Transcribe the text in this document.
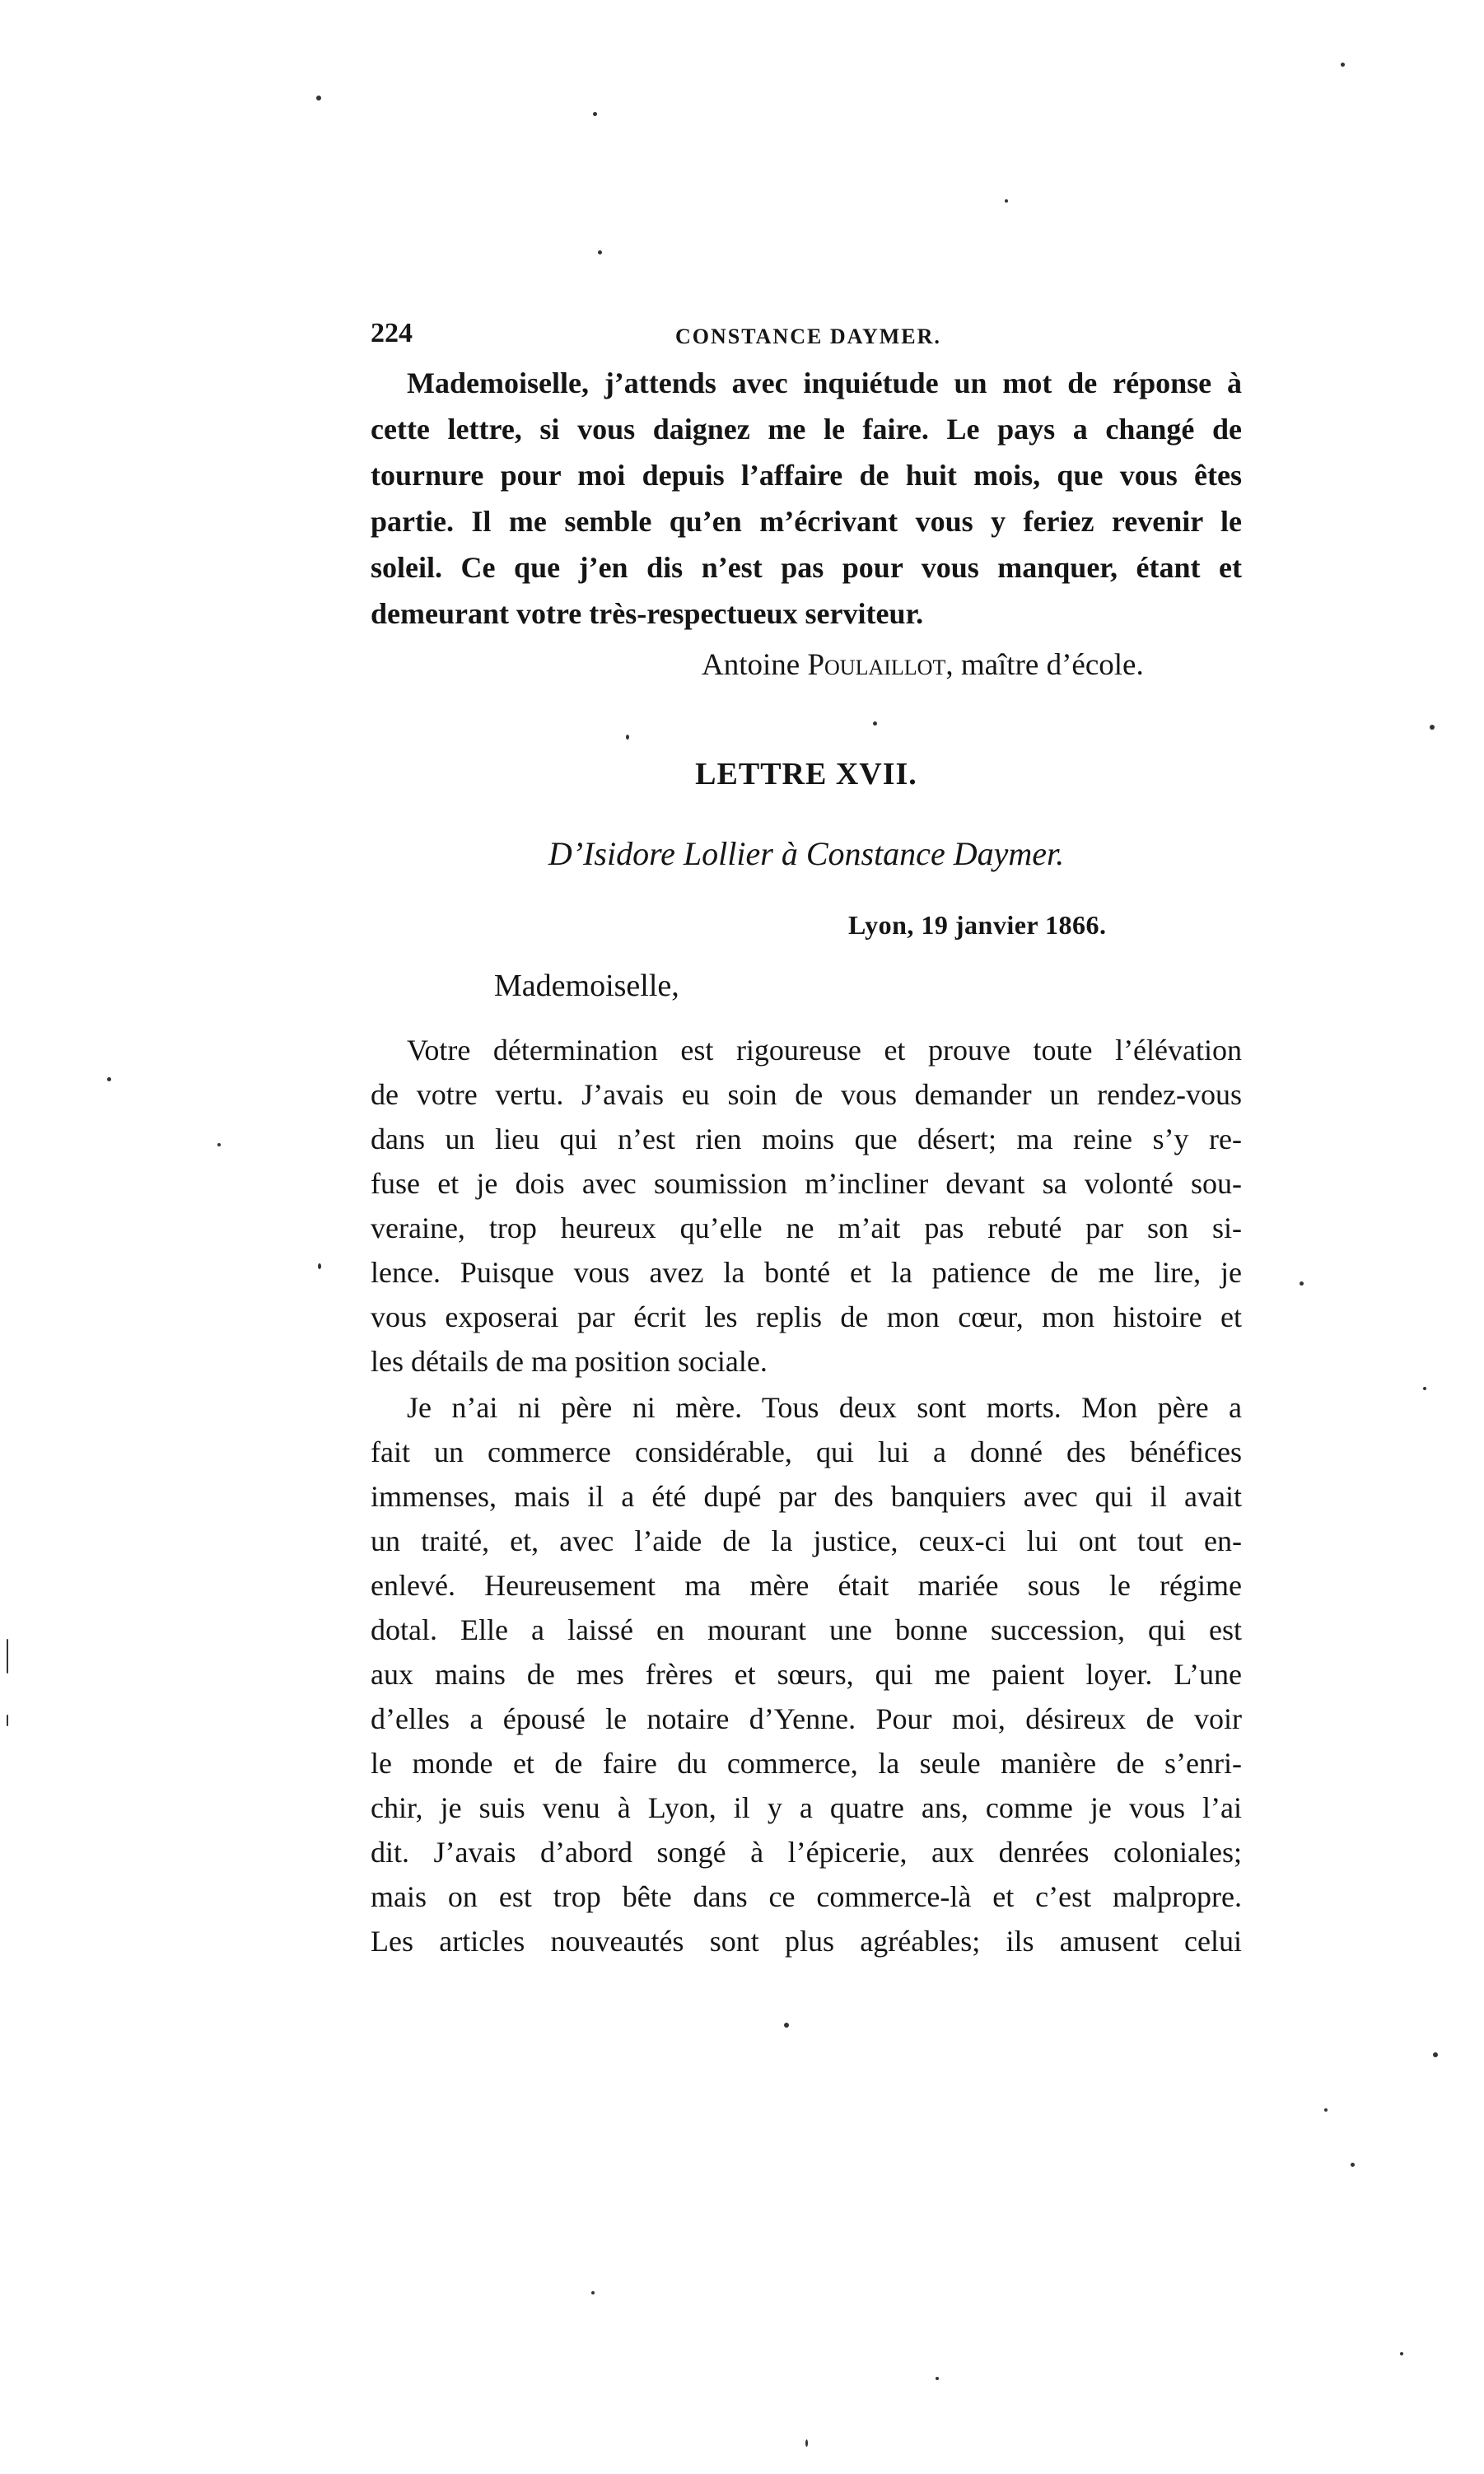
224	CONSTANCE DAYMER.
Mademoiselle, j’attends avec inquiétude un mot de réponse à
cette lettre, si vous daignez me le faire. Le pays a changé de
tournure pour moi depuis l’affaire de huit mois, que vous êtes
partie. Il me semble qu’en m’écrivant vous y feriez revenir le
soleil. Ce que j’en dis n’est pas pour vous manquer, étant et
demeurant votre très-respectueux serviteur.
Antoine Poulaillot, maître d’école.
LETTRE XVII.
D’Isidore Lollier à Constance Daymer.
Lyon, 19 janvier 1866.
Mademoiselle,
Votre détermination est rigoureuse et prouve toute l’élévation
de votre vertu. J’avais eu soin de vous demander un rendez-vous
dans un lieu qui n’est rien moins que désert; ma reine s’y re-
fuse et je dois avec soumission m’incliner devant sa volonté sou-
veraine, trop heureux qu’elle ne m’ait pas rebuté par son si-
lence. Puisque vous avez la bonté et la patience de me lire, je
vous exposerai par écrit les replis de mon cœur, mon histoire et
les détails de ma position sociale.
Je n’ai ni père ni mère. Tous deux sont morts. Mon père a
fait un commerce considérable, qui lui a donné des bénéfices
immenses, mais il a été dupé par des banquiers avec qui il avait
un traité, et, avec l’aide de la justice, ceux-ci lui ont tout en-
enlevé. Heureusement ma mère était mariée sous le régime
dotal. Elle a laissé en mourant une bonne succession, qui est
aux mains de mes frères et sœurs, qui me paient loyer. L’une
d’elles a épousé le notaire d’Yenne. Pour moi, désireux de voir
le monde et de faire du commerce, la seule manière de s’enri-
chir, je suis venu à Lyon, il y a quatre ans, comme je vous l’ai
dit. J’avais d’abord songé à l’épicerie, aux denrées coloniales;
mais on est trop bête dans ce commerce-là et c’est malpropre.
Les articles nouveautés sont plus agréables; ils amusent celui
